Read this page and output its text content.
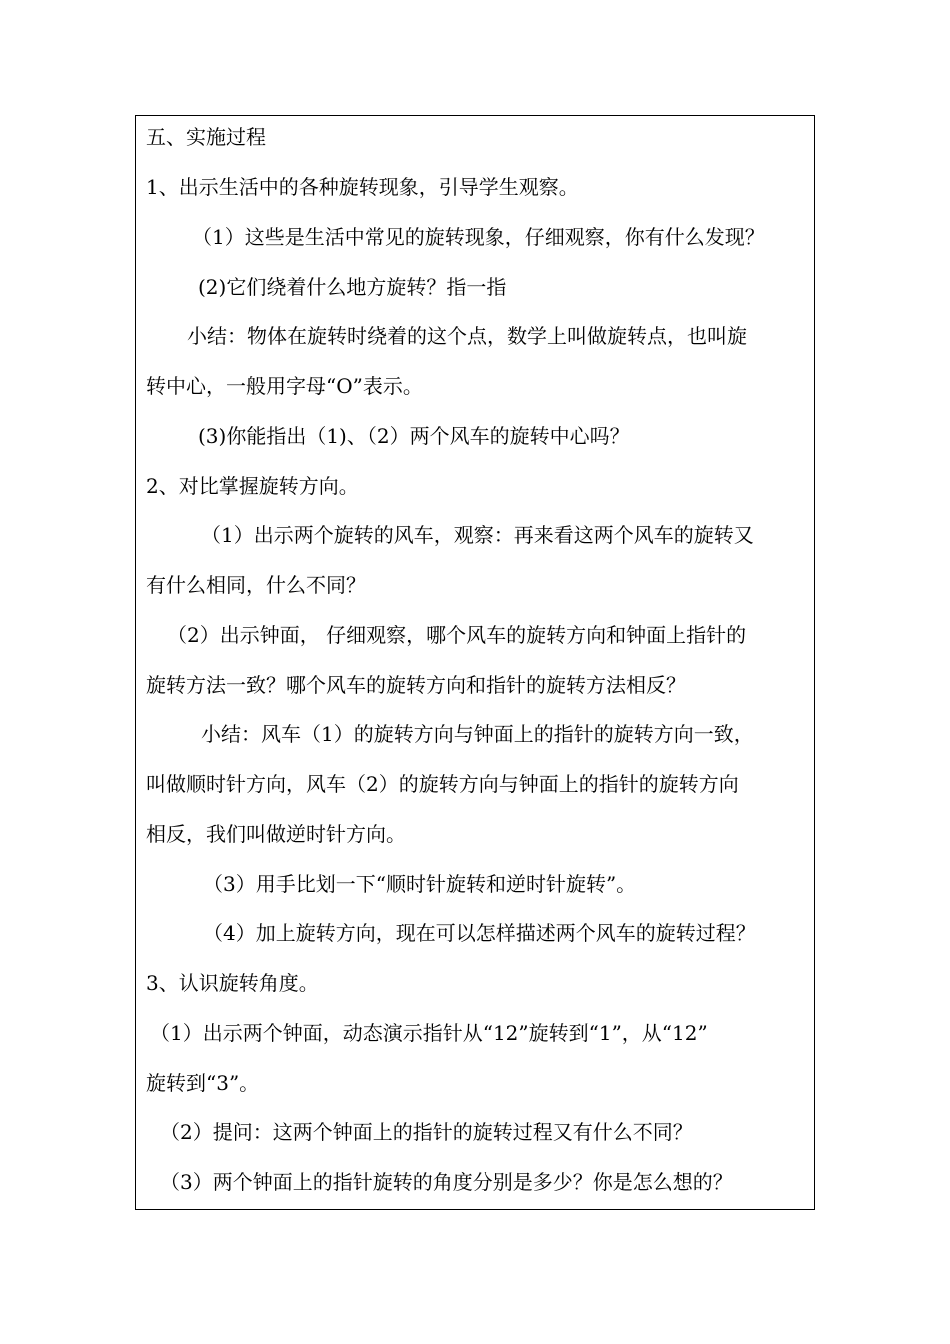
五、实施过程
1、出示生活中的各种旋转现象，引导学生观察。
（1）这些是生活中常见的旋转现象，仔细观察，你有什么发现？
(2)它们绕着什么地方旋转？指一指
小结：物体在旋转时绕着的这个点，数学上叫做旋转点，也叫旋
转中心，一般用字母“O”表示。
(3)你能指出（1)、（2）两个风车的旋转中心吗？
2、对比掌握旋转方向。
（1）出示两个旋转的风车，观察：再来看这两个风车的旋转又
有什么相同，什么不同？
（2）出示钟面， 仔细观察，哪个风车的旋转方向和钟面上指针的
旋转方法一致？哪个风车的旋转方向和指针的旋转方法相反？
小结：风车（1）的旋转方向与钟面上的指针的旋转方向一致，
叫做顺时针方向，风车（2）的旋转方向与钟面上的指针的旋转方向
相反，我们叫做逆时针方向。
（3）用手比划一下“顺时针旋转和逆时针旋转”。
（4）加上旋转方向，现在可以怎样描述两个风车的旋转过程？
3、认识旋转角度。
（1）出示两个钟面，动态演示指针从“12”旋转到“1”，从“12”
旋转到“3”。
（2）提问：这两个钟面上的指针的旋转过程又有什么不同？
（3）两个钟面上的指针旋转的角度分别是多少？你是怎么想的？
